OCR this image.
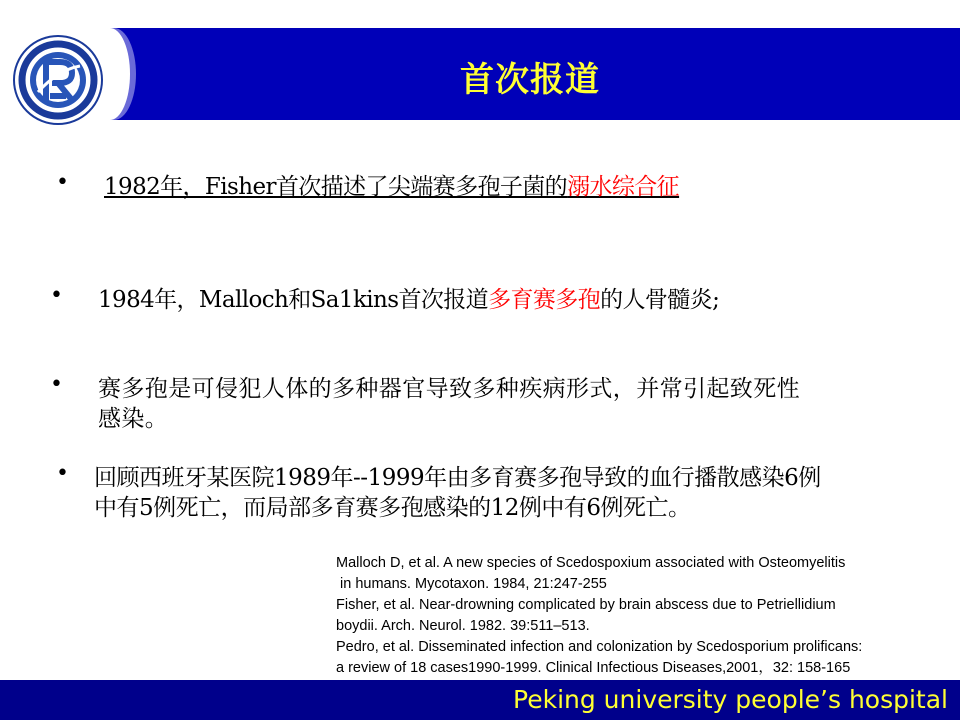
首次报道
• 1982年，Fisher首次描述了尖端赛多孢子菌的溺水综合征
• 1984年，Malloch和Sa1kins首次报道多育赛多孢的人骨髓炎;
• 赛多孢是可侵犯人体的多种器官导致多种疾病形式，并常引起致死性
感染。
• 回顾西班牙某医院1989年--1999年由多育赛多孢导致的血行播散感染6例
中有5例死亡，而局部多育赛多孢感染的12例中有6例死亡。
Malloch D, et al. A new species of Scedospoxium associated with Osteomyelitis
in humans. Mycotaxon. 1984, 21:247-255
Fisher, et al. Near-drowning complicated by brain abscess due to Petriellidium
boydii. Arch. Neurol. 1982. 39:511–513.
Pedro, et al. Disseminated infection and colonization by Scedosporium prolificans:
a review of 18 cases1990-1999. Clinical Infectious Diseases,2001，32: 158-165
Peking university people’s hospital
